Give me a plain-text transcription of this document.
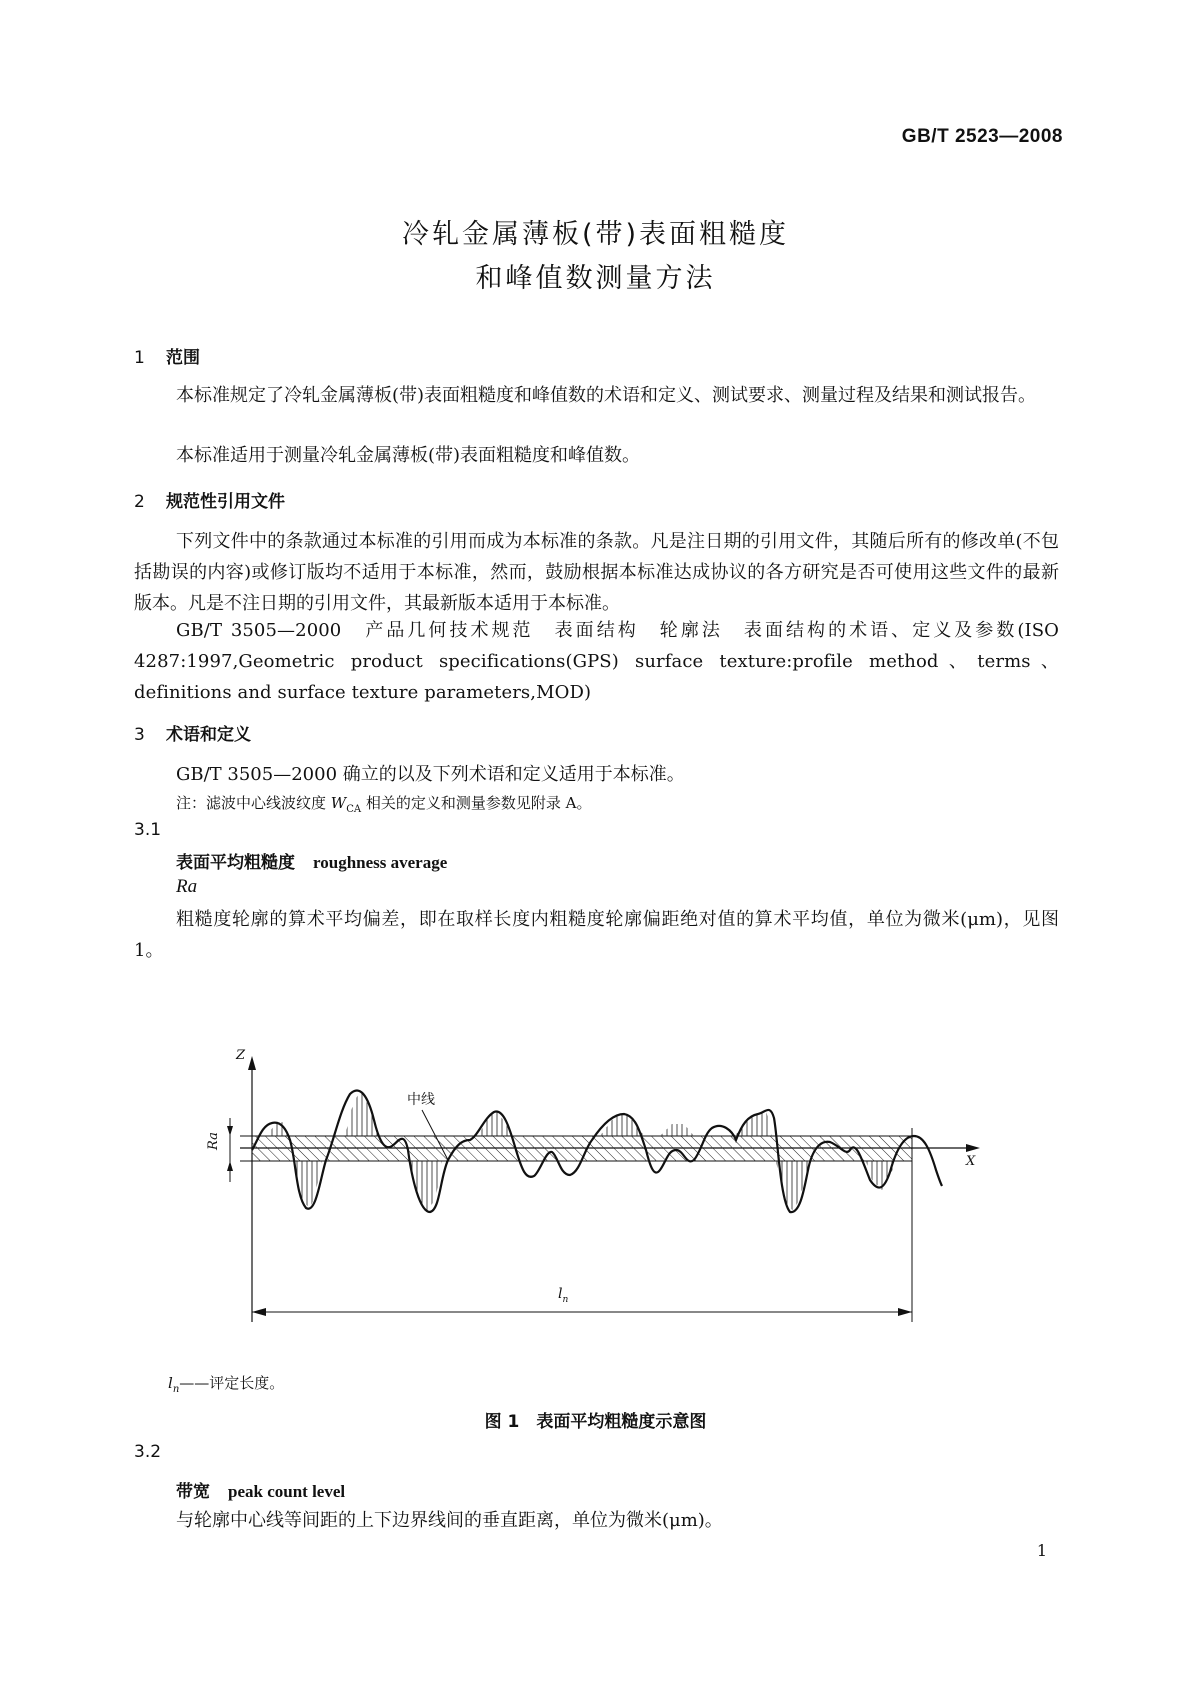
GB/T 2523—2008
冷轧金属薄板(带)表面粗糙度
和峰值数测量方法
1 范围
本标准规定了冷轧金属薄板(带)表面粗糙度和峰值数的术语和定义、测试要求、测量过程及结果和测试报告。
本标准适用于测量冷轧金属薄板(带)表面粗糙度和峰值数。
2 规范性引用文件
下列文件中的条款通过本标准的引用而成为本标准的条款。凡是注日期的引用文件，其随后所有的修改单(不包括勘误的内容)或修订版均不适用于本标准，然而，鼓励根据本标准达成协议的各方研究是否可使用这些文件的最新版本。凡是不注日期的引用文件，其最新版本适用于本标准。
GB/T 3505—2000　产品几何技术规范　表面结构　轮廓法　表面结构的术语、定义及参数(ISO 4287:1997,Geometric product specifications(GPS) surface texture:profile method、terms、definitions and surface texture parameters,MOD)
3 术语和定义
GB/T 3505—2000 确立的以及下列术语和定义适用于本标准。
注：滤波中心线波纹度 $W_{CA}$ 相关的定义和测量参数见附录 A。
3.1
表面平均粗糙度 roughness average
Ra
粗糙度轮廓的算术平均偏差，即在取样长度内粗糙度轮廓偏距绝对值的算术平均值，单位为微米(μm)，见图 1。
Z
X
Ra
中线
$l_n$
$l_n——$评定长度。
图 1　表面平均粗糙度示意图
3.2
带宽 peak count level
与轮廓中心线等间距的上下边界线间的垂直距离，单位为微米(μm)。
1
